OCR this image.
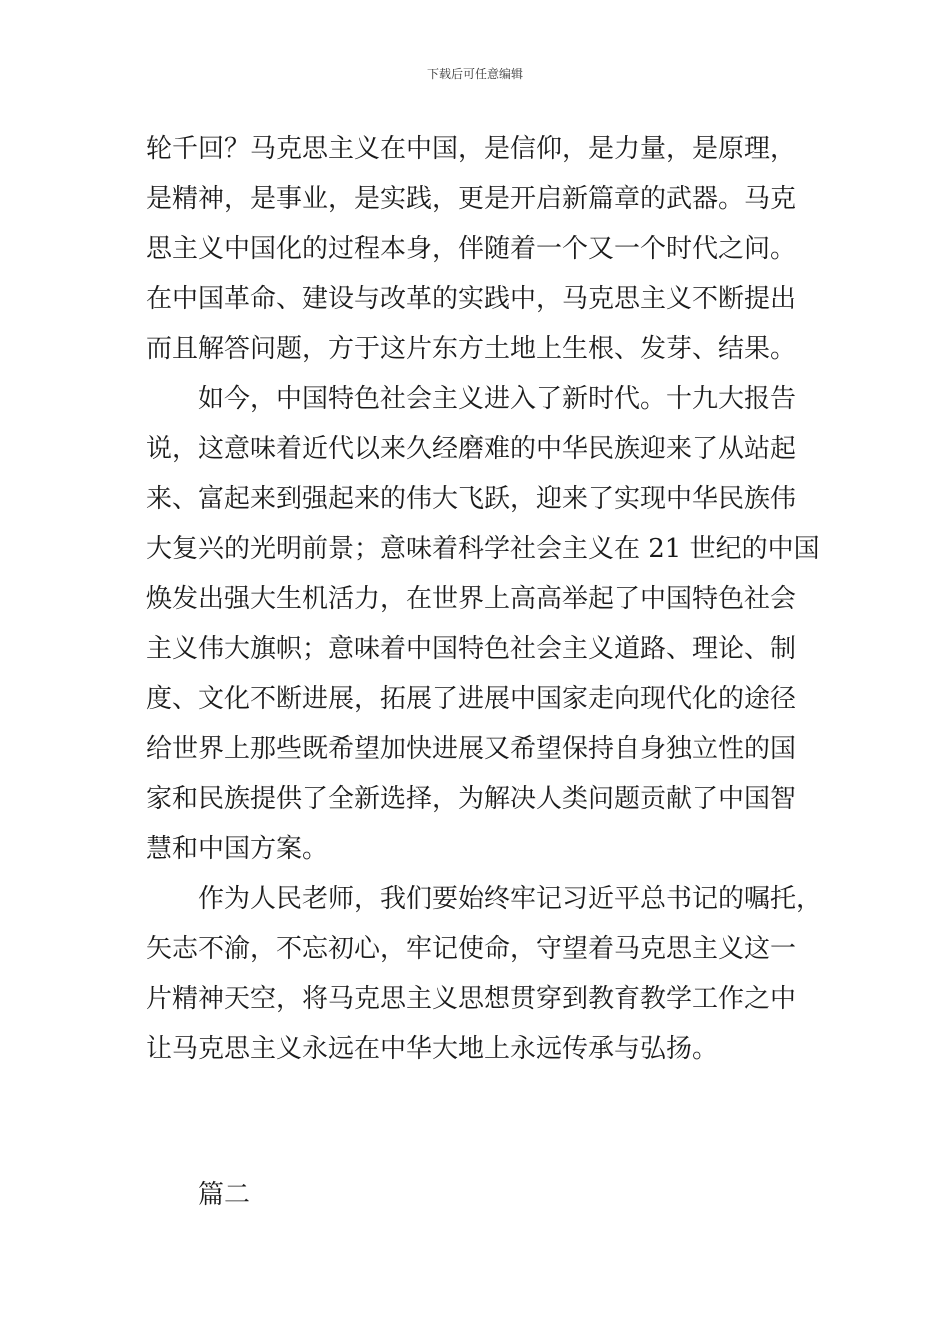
下载后可任意编辑
轮千回？马克思主义在中国，是信仰，是力量，是原理，
是精神，是事业，是实践，更是开启新篇章的武器。马克
思主义中国化的过程本身，伴随着一个又一个时代之问。
在中国革命、建设与改革的实践中，马克思主义不断提出
而且解答问题，方于这片东方土地上生根、发芽、结果。
如今，中国特色社会主义进入了新时代。十九大报告
说，这意味着近代以来久经磨难的中华民族迎来了从站起
来、富起来到强起来的伟大飞跃，迎来了实现中华民族伟
大复兴的光明前景；意味着科学社会主义在 21 世纪的中国
焕发出强大生机活力，在世界上高高举起了中国特色社会
主义伟大旗帜；意味着中国特色社会主义道路、理论、制
度、文化不断进展，拓展了进展中国家走向现代化的途径
给世界上那些既希望加快进展又希望保持自身独立性的国
家和民族提供了全新选择，为解决人类问题贡献了中国智
慧和中国方案。
作为人民老师，我们要始终牢记习近平总书记的嘱托，
矢志不渝，不忘初心，牢记使命，守望着马克思主义这一
片精神天空，将马克思主义思想贯穿到教育教学工作之中
让马克思主义永远在中华大地上永远传承与弘扬。
篇二
